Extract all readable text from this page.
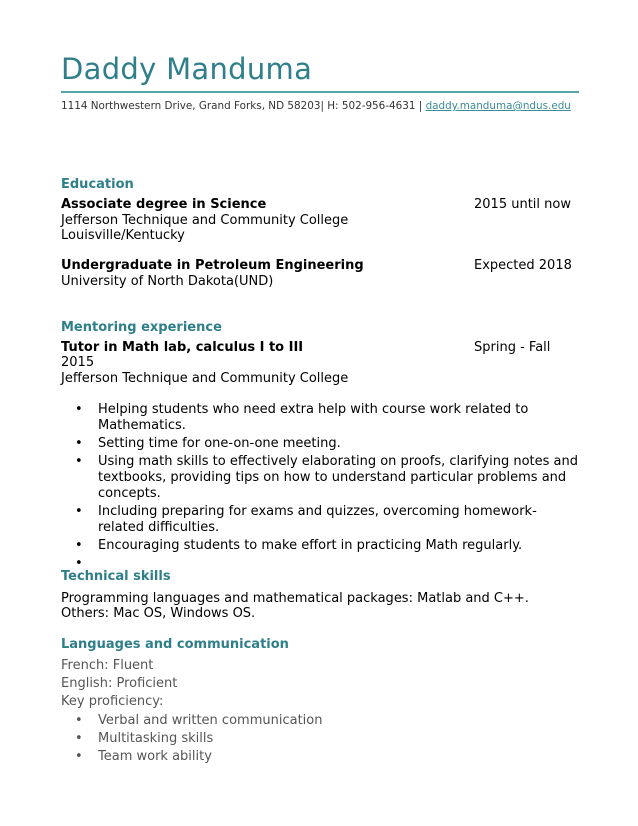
Daddy Manduma
1114 Northwestern Drive, Grand Forks, ND 58203| H: 502-956-4631 | daddy.manduma@ndus.edu
Education
Associate degree in Science	2015 until now
Jefferson Technique and Community College
Louisville/Kentucky
Undergraduate in Petroleum Engineering	Expected 2018
University of North Dakota(UND)
Mentoring experience
Tutor in Math lab, calculus I to III	Spring - Fall
2015
Jefferson Technique and Community College
• Helping students who need extra help with course work related to Mathematics.
• Setting time for one-on-one meeting.
• Using math skills to effectively elaborating on proofs, clarifying notes and textbooks, providing tips on how to understand particular problems and concepts.
• Including preparing for exams and quizzes, overcoming homework-related difficulties.
• Encouraging students to make effort in practicing Math regularly.
•
Technical skills
Programming languages and mathematical packages: Matlab and C++.
Others: Mac OS, Windows OS.
Languages and communication
French: Fluent
English: Proficient
Key proficiency:
• Verbal and written communication
• Multitasking skills
• Team work ability
